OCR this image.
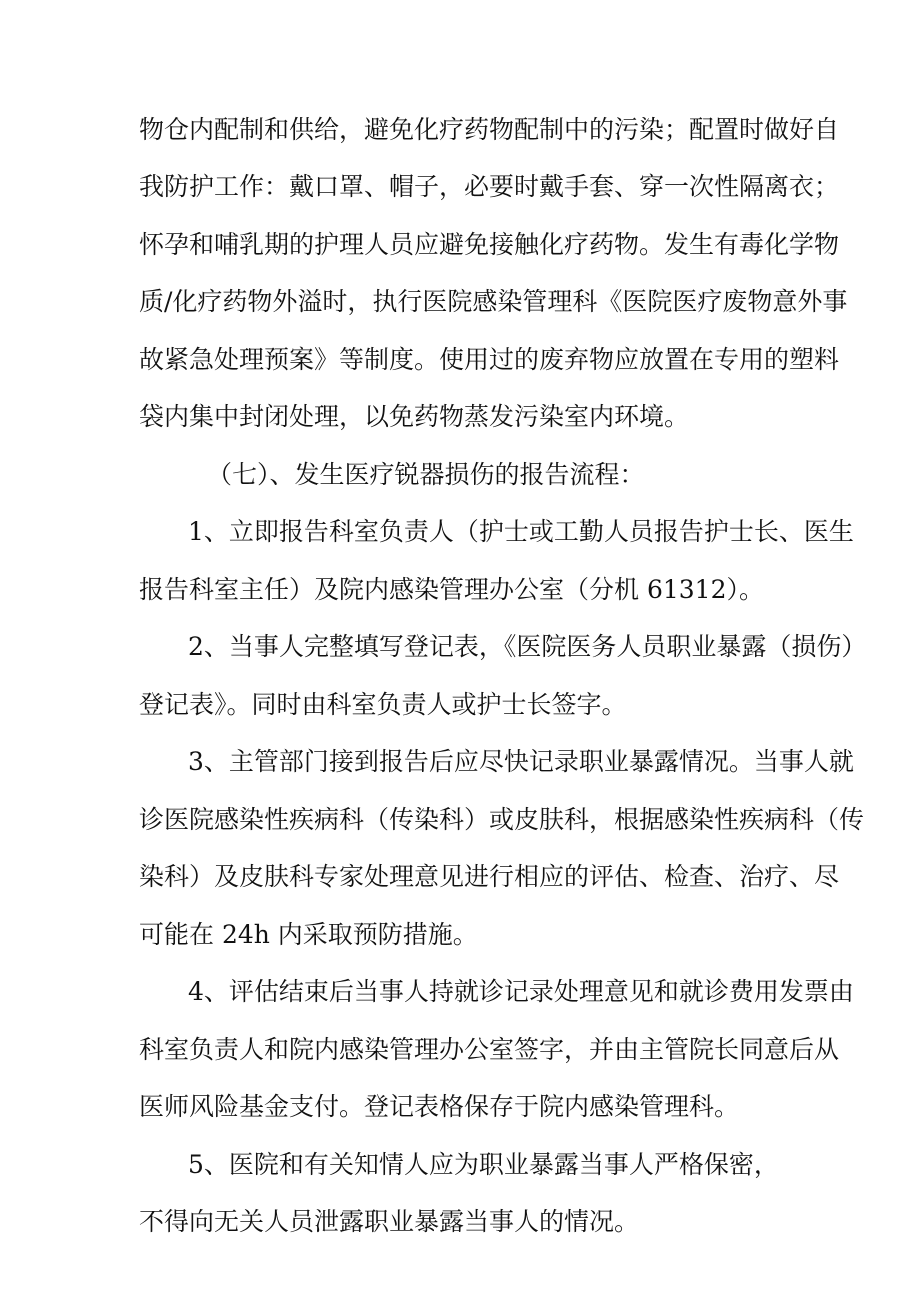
物仓内配制和供给，避免化疗药物配制中的污染；配置时做好自
我防护工作：戴口罩、帽子，必要时戴手套、穿一次性隔离衣；
怀孕和哺乳期的护理人员应避免接触化疗药物。发生有毒化学物
质/化疗药物外溢时，执行医院感染管理科《医院医疗废物意外事
故紧急处理预案》等制度。使用过的废弃物应放置在专用的塑料
袋内集中封闭处理，以免药物蒸发污染室内环境。
（七）、发生医疗锐器损伤的报告流程：
1、立即报告科室负责人（护士或工勤人员报告护士长、医生
报告科室主任）及院内感染管理办公室（分机 61312）。
2、当事人完整填写登记表，《医院医务人员职业暴露（损伤）
登记表》。同时由科室负责人或护士长签字。
3、主管部门接到报告后应尽快记录职业暴露情况。当事人就
诊医院感染性疾病科（传染科）或皮肤科，根据感染性疾病科（传
染科）及皮肤科专家处理意见进行相应的评估、检查、治疗、尽
可能在 24h 内采取预防措施。
4、评估结束后当事人持就诊记录处理意见和就诊费用发票由
科室负责人和院内感染管理办公室签字，并由主管院长同意后从
医师风险基金支付。登记表格保存于院内感染管理科。
5、医院和有关知情人应为职业暴露当事人严格保密，
不得向无关人员泄露职业暴露当事人的情况。
